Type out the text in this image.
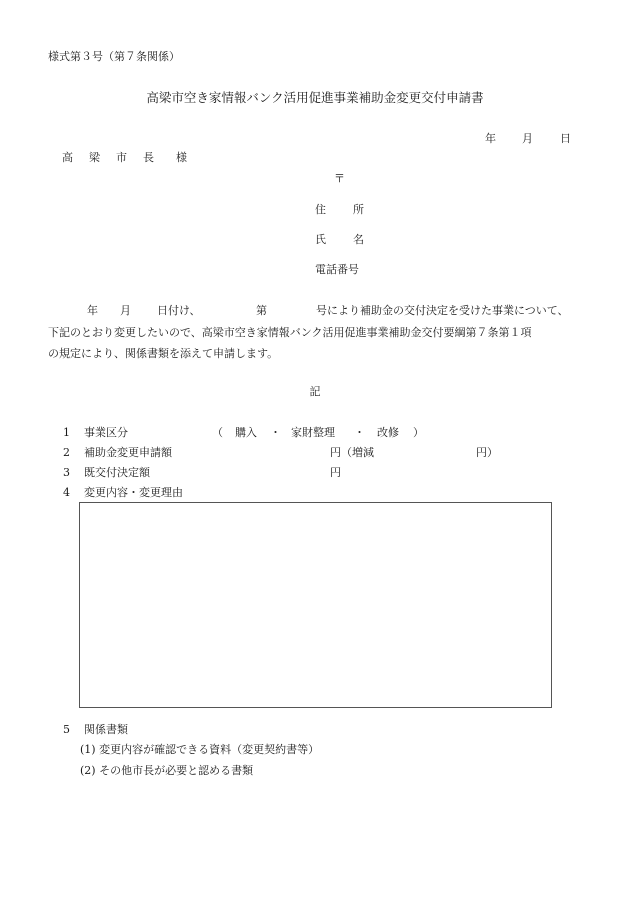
様式第３号（第７条関係）
高梁市空き家情報バンク活用促進事業補助金変更交付申請書
年 月 日
高 梁 市 長 様
〒
住 所
氏 名
電話番号
年 月 日付け、	第	号により補助金の交付決定を受けた事業について、
下記のとおり変更したいので、高梁市空き家情報バンク活用促進事業補助金交付要綱第７条第１項
の規定により、関係書類を添えて申請します。
記
1 事業区分	（ 購入 ・ 家財整理 ・ 改修 ）
2 補助金変更申請額	円（増減	円）
3 既交付決定額	円
4 変更内容・変更理由
5 関係書類
(1) 変更内容が確認できる資料（変更契約書等）
(2) その他市長が必要と認める書類
